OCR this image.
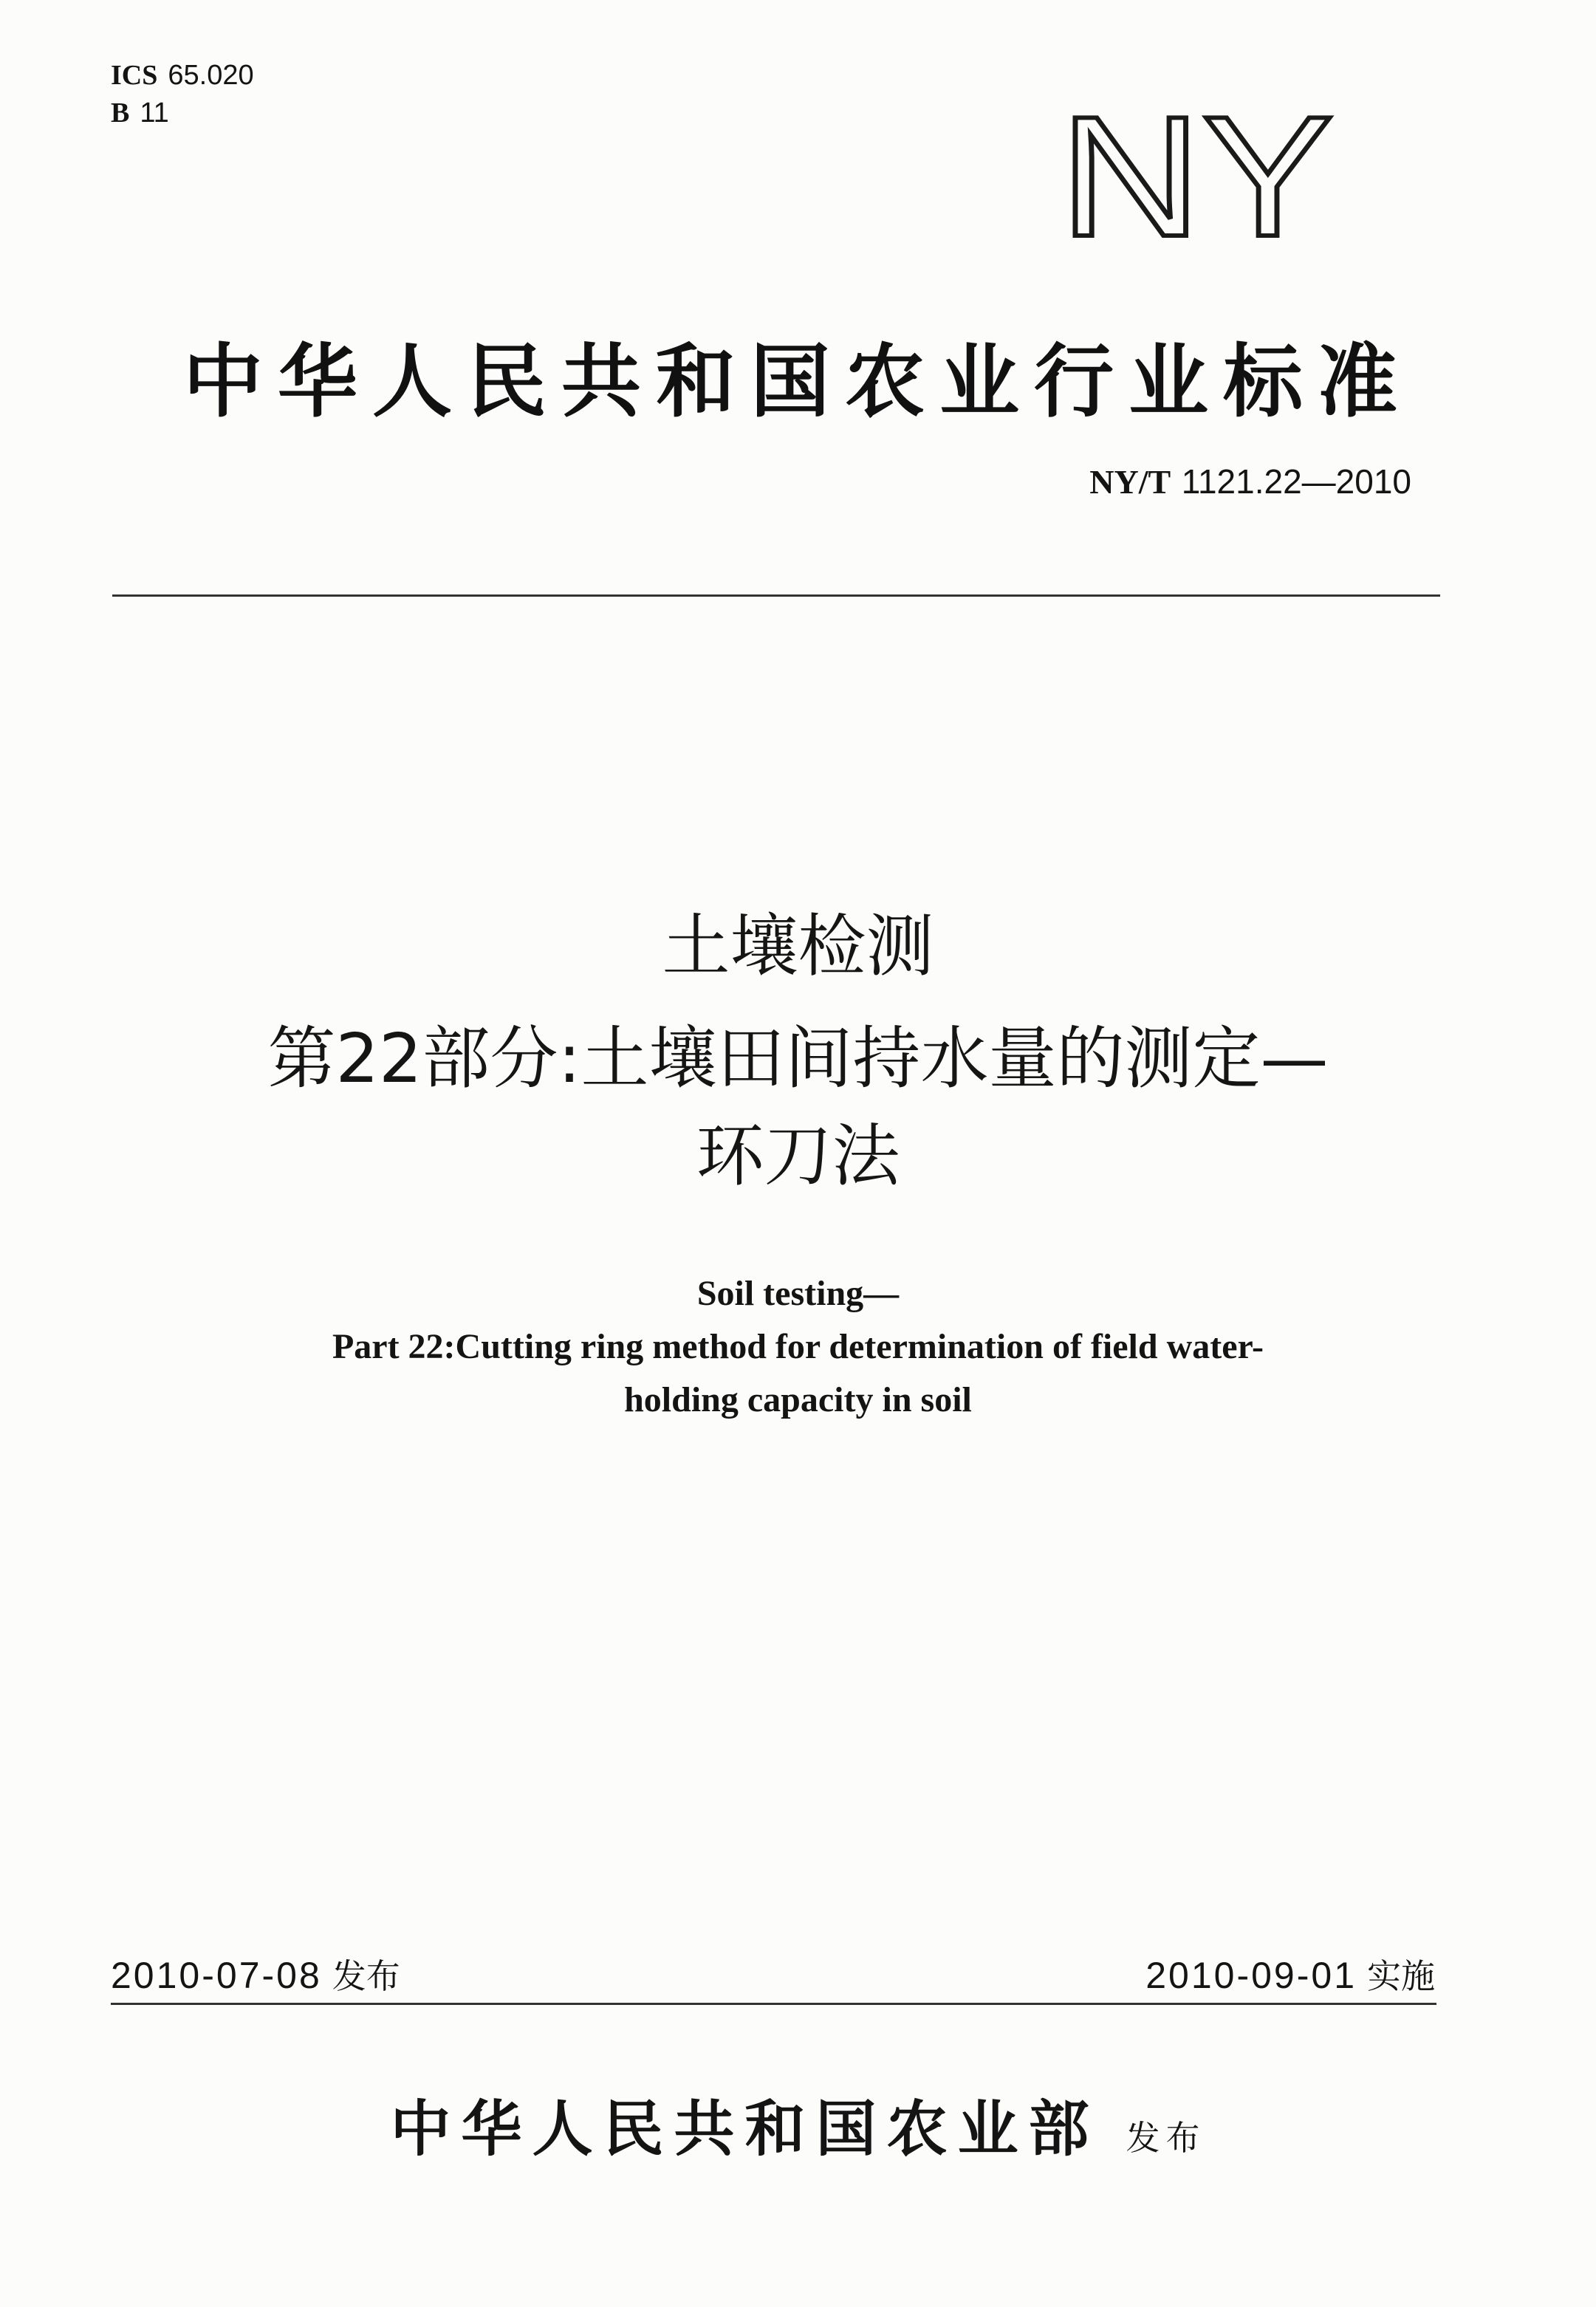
ICS 65.020
B 11	NY
中华人民共和国农业行业标准
NY/T 1121.22—2010
土壤检测
第22部分:土壤田间持水量的测定—
环刀法
Soil testing—
Part 22:Cutting ring method for determination of field water-
holding capacity in soil
2010-07-08 发布	2010-09-01 实施
中华人民共和国农业部 发布
